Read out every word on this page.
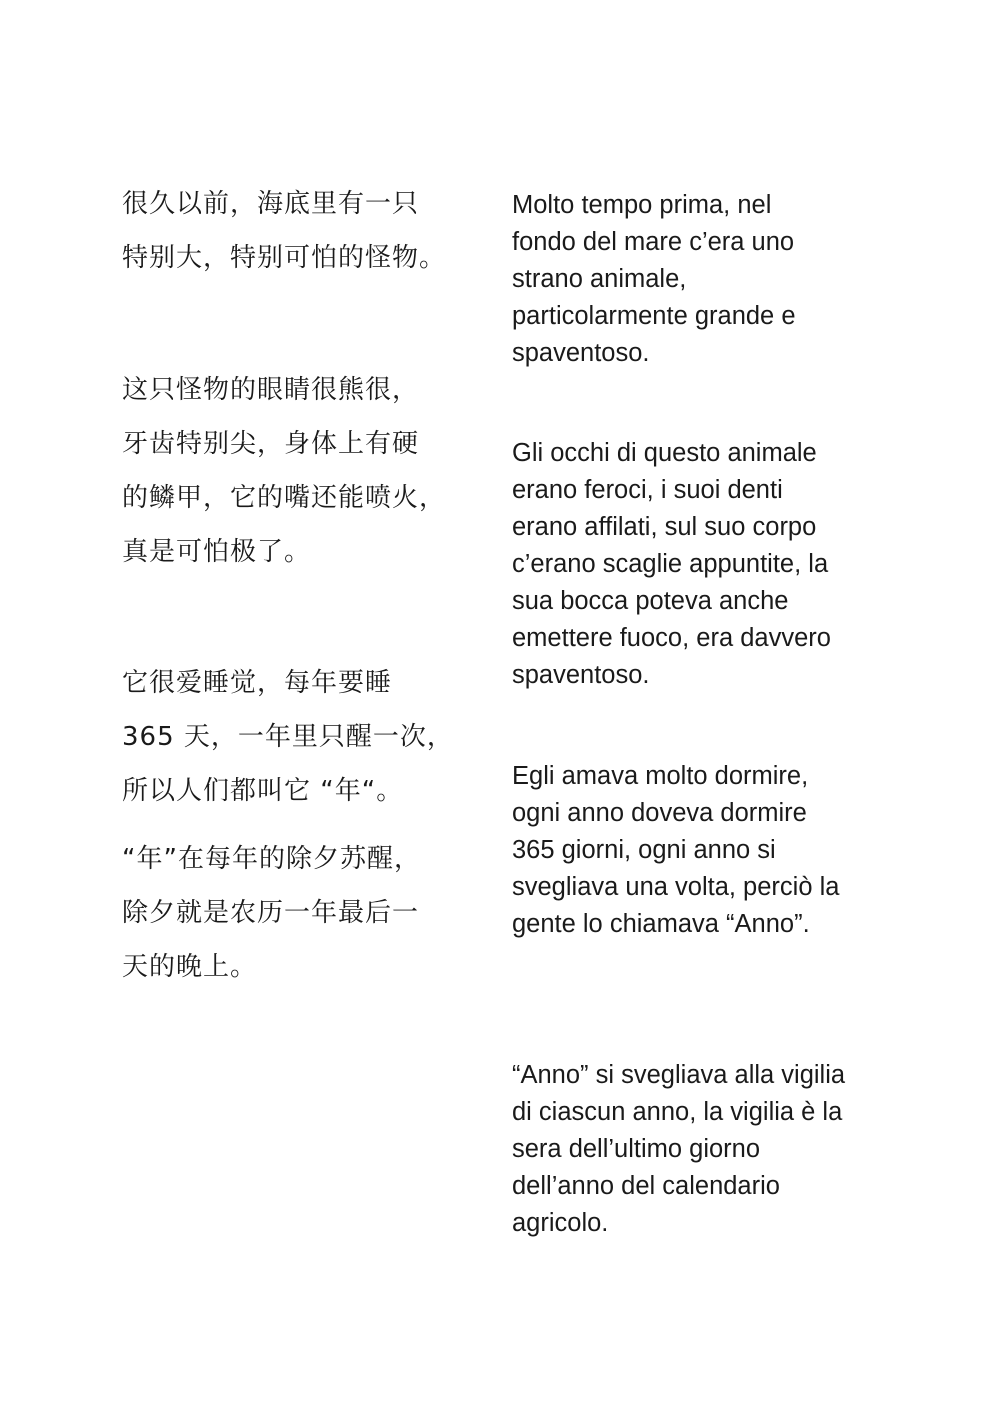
很久以前，海底里有一只
特别大，特别可怕的怪物。
这只怪物的眼睛很熊很，
牙齿特别尖，身体上有硬
的鳞甲，它的嘴还能喷火，
真是可怕极了。
它很爱睡觉，每年要睡
365 天，一年里只醒一次，
所以人们都叫它 “年“。
“年”在每年的除夕苏醒，
除夕就是农历一年最后一
天的晚上。
Molto tempo prima, nel
fondo del mare c’era uno
strano animale,
particolarmente grande e
spaventoso.
Gli occhi di questo animale
erano feroci, i suoi denti
erano affilati, sul suo corpo
c’erano scaglie appuntite, la
sua bocca poteva anche
emettere fuoco, era davvero
spaventoso.
Egli amava molto dormire,
ogni anno doveva dormire
365 giorni, ogni anno si
svegliava una volta, perciò la
gente lo chiamava “Anno”.
“Anno” si svegliava alla vigilia
di ciascun anno, la vigilia è la
sera dell’ultimo giorno
dell’anno del calendario
agricolo.
